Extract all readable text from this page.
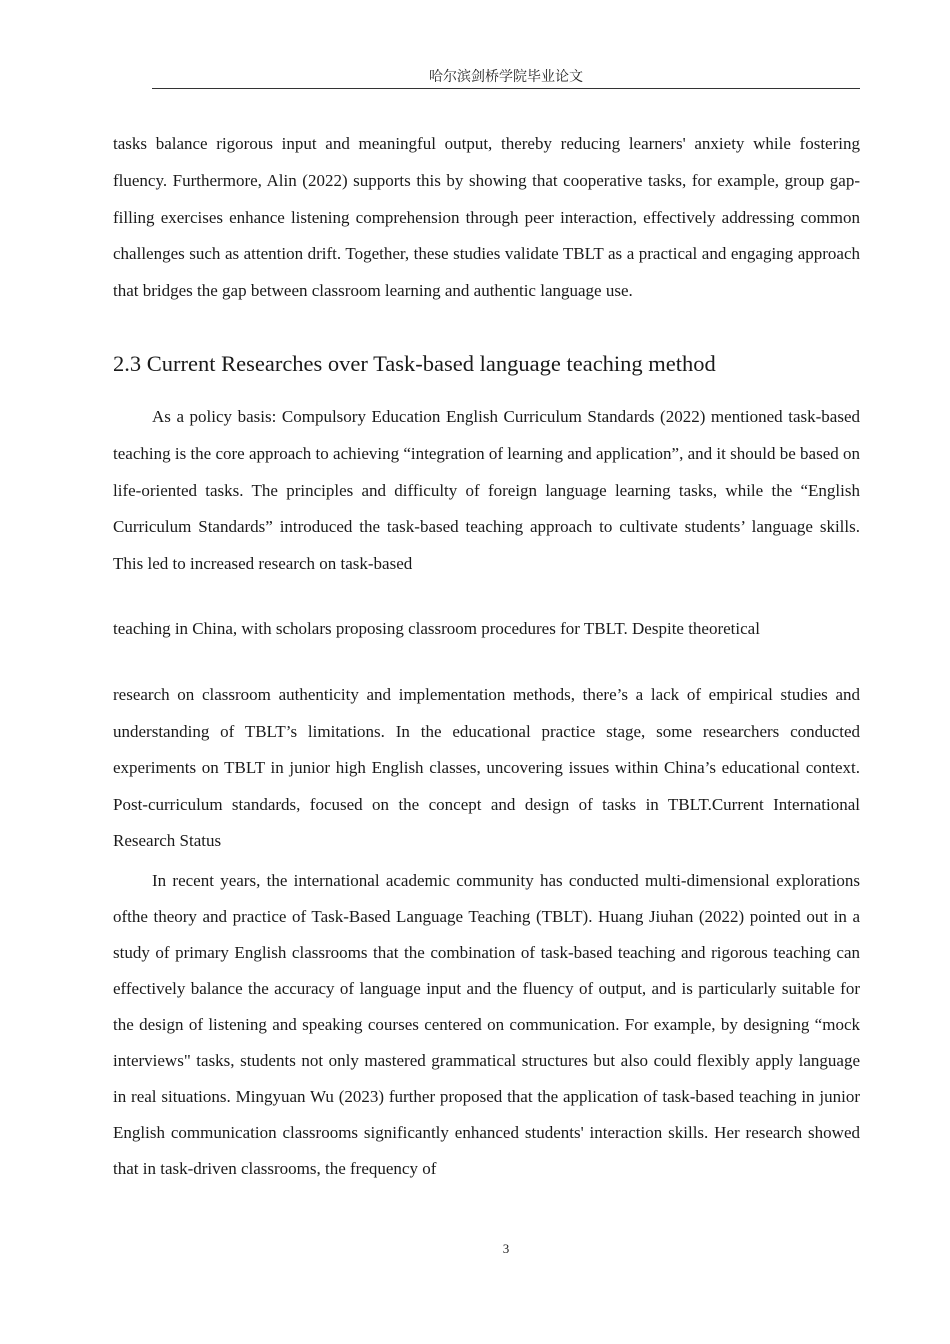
哈尔滨剑桥学院毕业论文

tasks balance rigorous input and meaningful output, thereby reducing learners' anxiety while fostering fluency. Furthermore, Alin (2022) supports this by showing that cooperative tasks, for example, group gap-filling exercises enhance listening comprehension through peer interaction, effectively addressing common challenges such as attention drift. Together, these studies validate TBLT as a practical and engaging approach that bridges the gap between classroom learning and authentic language use.

2.3 Current Researches over Task-based language teaching method

As a policy basis: Compulsory Education English Curriculum Standards (2022) mentioned task-based teaching is the core approach to achieving “integration of learning and application”, and it should be based on life-oriented tasks. The principles and difficulty of foreign language learning tasks, while the “English Curriculum Standards” introduced the task-based teaching approach to cultivate students’ language skills. This led to increased research on task-based

teaching in China, with scholars proposing classroom procedures for TBLT. Despite theoretical

research on classroom authenticity and implementation methods, there’s a lack of empirical studies and understanding of TBLT’s limitations. In the educational practice stage, some researchers conducted experiments on TBLT in junior high English classes, uncovering issues within China’s educational context. Post-curriculum standards, focused on the concept and design of tasks in TBLT.Current International Research Status

In recent years, the international academic community has conducted multi-dimensional explorations ofthe theory and practice of Task-Based Language Teaching (TBLT). Huang Jiuhan (2022) pointed out in a study of primary English classrooms that the combination of task-based teaching and rigorous teaching can effectively balance the accuracy of language input and the fluency of output, and is particularly suitable for the design of listening and speaking courses centered on communication. For example, by designing “mock interviews" tasks, students not only mastered grammatical structures but also could flexibly apply language in real situations. Mingyuan Wu (2023) further proposed that the application of task-based teaching in junior English communication classrooms significantly enhanced students' interaction skills. Her research showed that in task-driven classrooms, the frequency of

3
